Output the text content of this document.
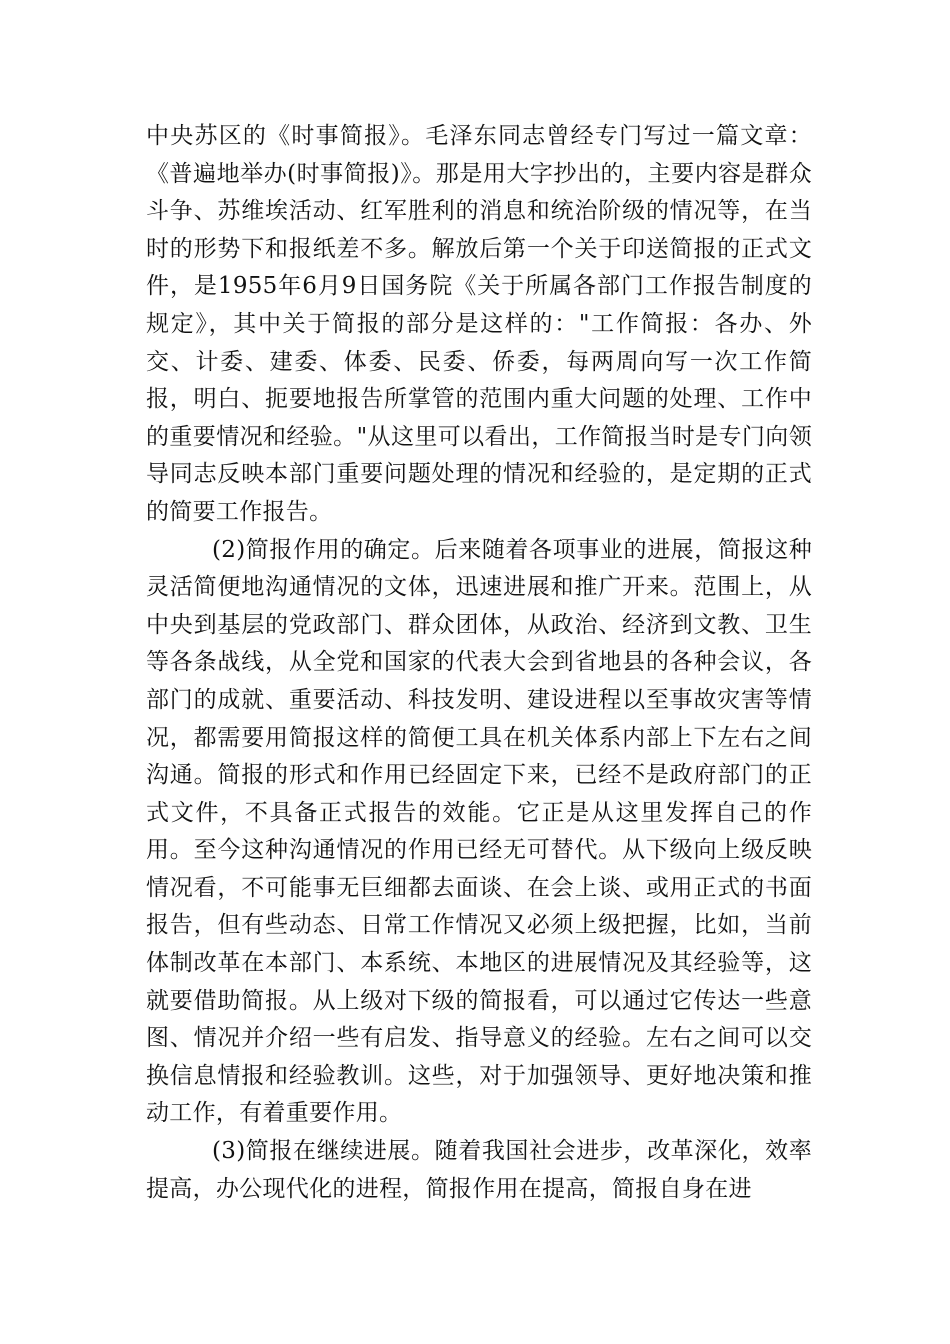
中央苏区的《时事简报》。毛泽东同志曾经专门写过一篇文章：《普遍地举办(时事简报)》。那是用大字抄出的，主要内容是群众斗争、苏维埃活动、红军胜利的消息和统治阶级的情况等，在当时的形势下和报纸差不多。解放后第一个关于印送简报的正式文件，是1955年6月9日国务院《关于所属各部门工作报告制度的规定》，其中关于简报的部分是这样的："工作简报：各办、外交、计委、建委、体委、民委、侨委，每两周向写一次工作简报，明白、扼要地报告所掌管的范围内重大问题的处理、工作中的重要情况和经验。"从这里可以看出，工作简报当时是专门向领导同志反映本部门重要问题处理的情况和经验的，是定期的正式的简要工作报告。

(2)简报作用的确定。后来随着各项事业的进展，简报这种灵活简便地沟通情况的文体，迅速进展和推广开来。范围上，从中央到基层的党政部门、群众团体，从政治、经济到文教、卫生等各条战线，从全党和国家的代表大会到省地县的各种会议，各部门的成就、重要活动、科技发明、建设进程以至事故灾害等情况，都需要用简报这样的简便工具在机关体系内部上下左右之间沟通。简报的形式和作用已经固定下来，已经不是政府部门的正式文件，不具备正式报告的效能。它正是从这里发挥自己的作用。至今这种沟通情况的作用已经无可替代。从下级向上级反映情况看，不可能事无巨细都去面谈、在会上谈、或用正式的书面报告，但有些动态、日常工作情况又必须上级把握，比如，当前体制改革在本部门、本系统、本地区的进展情况及其经验等，这就要借助简报。从上级对下级的简报看，可以通过它传达一些意图、情况并介绍一些有启发、指导意义的经验。左右之间可以交换信息情报和经验教训。这些，对于加强领导、更好地决策和推动工作，有着重要作用。

(3)简报在继续进展。随着我国社会进步，改革深化，效率提高，办公现代化的进程，简报作用在提高，简报自身在进
